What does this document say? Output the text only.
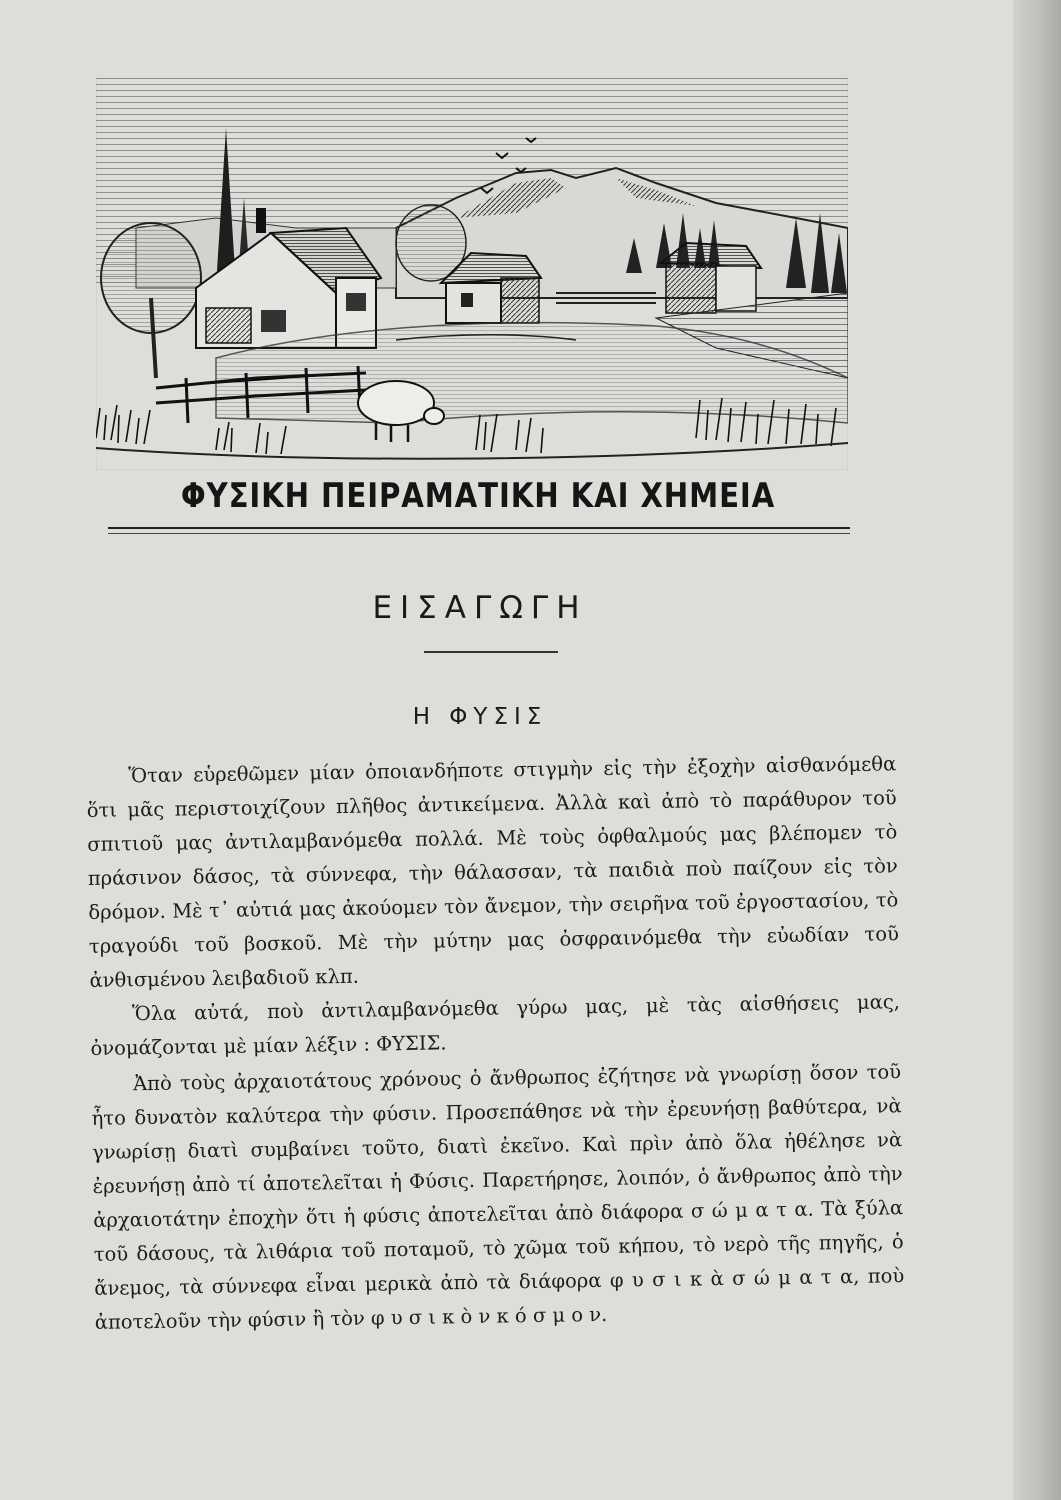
ΦΥΣΙΚΗ ΠΕΙΡΑΜΑΤΙΚΗ ΚΑΙ ΧΗΜΕΙΑ
ΕΙΣΑΓΩΓΗ
Η ΦΥΣΙΣ

Ὅταν εὑρεθῶμεν μίαν ὁποιανδήποτε στιγμὴν εἰς τὴν ἐξοχὴν αἰσθανόμεθα ὅτι μᾶς περιστοιχίζουν πλῆθος ἀντικείμενα. Ἀλλὰ καὶ ἀπὸ τὸ παράθυρον τοῦ σπιτιοῦ μας ἀντιλαμβανόμεθα πολλά. Μὲ τοὺς ὀφθαλμούς μας βλέπομεν τὸ πράσινον δάσος, τὰ σύννεφα, τὴν θάλασσαν, τὰ παιδιὰ ποὺ παίζουν εἰς τὸν δρόμον. Μὲ τ᾽ αὐτιά μας ἀκούομεν τὸν ἄνεμον, τὴν σειρῆνα τοῦ ἐργοστασίου, τὸ τραγούδι τοῦ βοσκοῦ. Μὲ τὴν μύτην μας ὀσφραινόμεθα τὴν εὐωδίαν τοῦ ἀνθισμένου λειβαδιοῦ κλπ.

Ὅλα αὐτά, ποὺ ἀντιλαμβανόμεθα γύρω μας, μὲ τὰς αἰσθήσεις μας, ὀνομάζονται μὲ μίαν λέξιν : ΦΥΣΙΣ.

Ἀπὸ τοὺς ἀρχαιοτάτους χρόνους ὁ ἄνθρωπος ἐζήτησε νὰ γνωρίσῃ ὅσον τοῦ ἦτο δυνατὸν καλύτερα τὴν φύσιν. Προσεπάθησε νὰ τὴν ἐρευνήσῃ βαθύτερα, νὰ γνωρίσῃ διατὶ συμβαίνει τοῦτο, διατὶ ἐκεῖνο. Καὶ πρὶν ἀπὸ ὅλα ἠθέλησε νὰ ἐρευνήσῃ ἀπὸ τί ἀποτελεῖται ἡ Φύσις. Παρετήρησε, λοιπόν, ὁ ἄνθρωπος ἀπὸ τὴν ἀρχαιοτάτην ἐποχὴν ὅτι ἡ φύσις ἀποτελεῖται ἀπὸ διάφορα σ ώ μ α τ α. Τὰ ξύλα τοῦ δάσους, τὰ λιθάρια τοῦ ποταμοῦ, τὸ χῶμα τοῦ κήπου, τὸ νερὸ τῆς πηγῆς, ὁ ἄνεμος, τὰ σύννεφα εἶναι μερικὰ ἀπὸ τὰ διάφορα φ υ σ ι κ ὰ σ ώ μ α τ α, ποὺ ἀποτελοῦν τὴν φύσιν ἢ τὸν φ υ σ ι κ ὸ ν κ ό σ μ ο ν.
